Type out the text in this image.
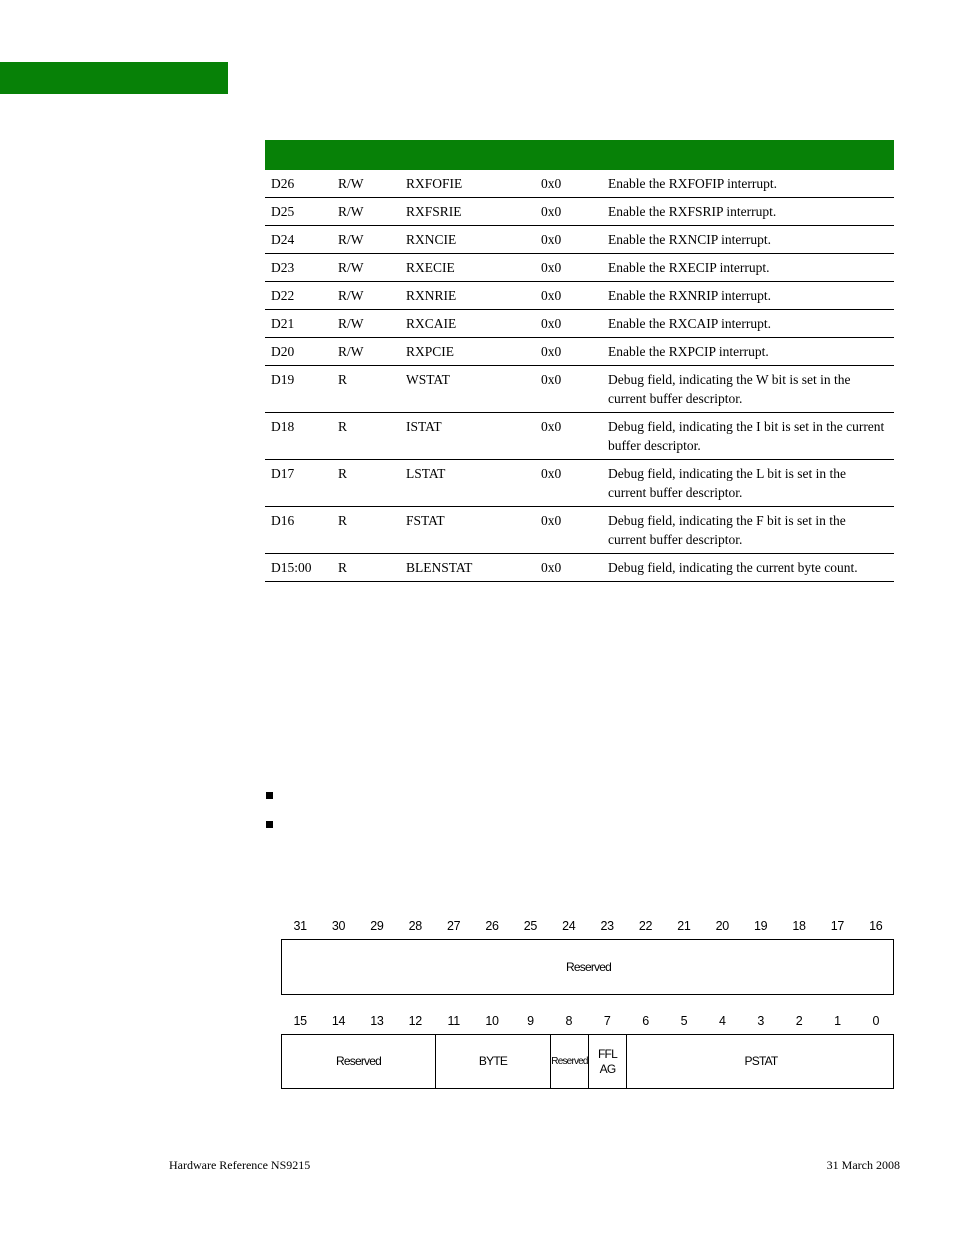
D26	R/W	RXFOFIE	0x0	Enable the RXFOFIP interrupt.
D25	R/W	RXFSRIE	0x0	Enable the RXFSRIP interrupt.
D24	R/W	RXNCIE	0x0	Enable the RXNCIP interrupt.
D23	R/W	RXECIE	0x0	Enable the RXECIP interrupt.
D22	R/W	RXNRIE	0x0	Enable the RXNRIP interrupt.
D21	R/W	RXCAIE	0x0	Enable the RXCAIP interrupt.
D20	R/W	RXPCIE	0x0	Enable the RXPCIP interrupt.
D19	R	WSTAT	0x0	Debug field, indicating the W bit is set in the
current buffer descriptor.
D18	R	ISTAT	0x0	Debug field, indicating the I bit is set in the current
buffer descriptor.
D17	R	LSTAT	0x0	Debug field, indicating the L bit is set in the
current buffer descriptor.
D16	R	FSTAT	0x0	Debug field, indicating the F bit is set in the
current buffer descriptor.
D15:00 R	BLENSTAT	0x0	Debug field, indicating the current byte count.
31	30	29	28	27	26	25	24	23	22	21	20	19	18	17	16
Reserved
15	14	13	12	11	10	9	8	7	6	5	4	3	2	1	0
Reserved	BYTE	Reserved
FFL
AG
PSTAT
Hardware Reference NS9215	31 March 2008
